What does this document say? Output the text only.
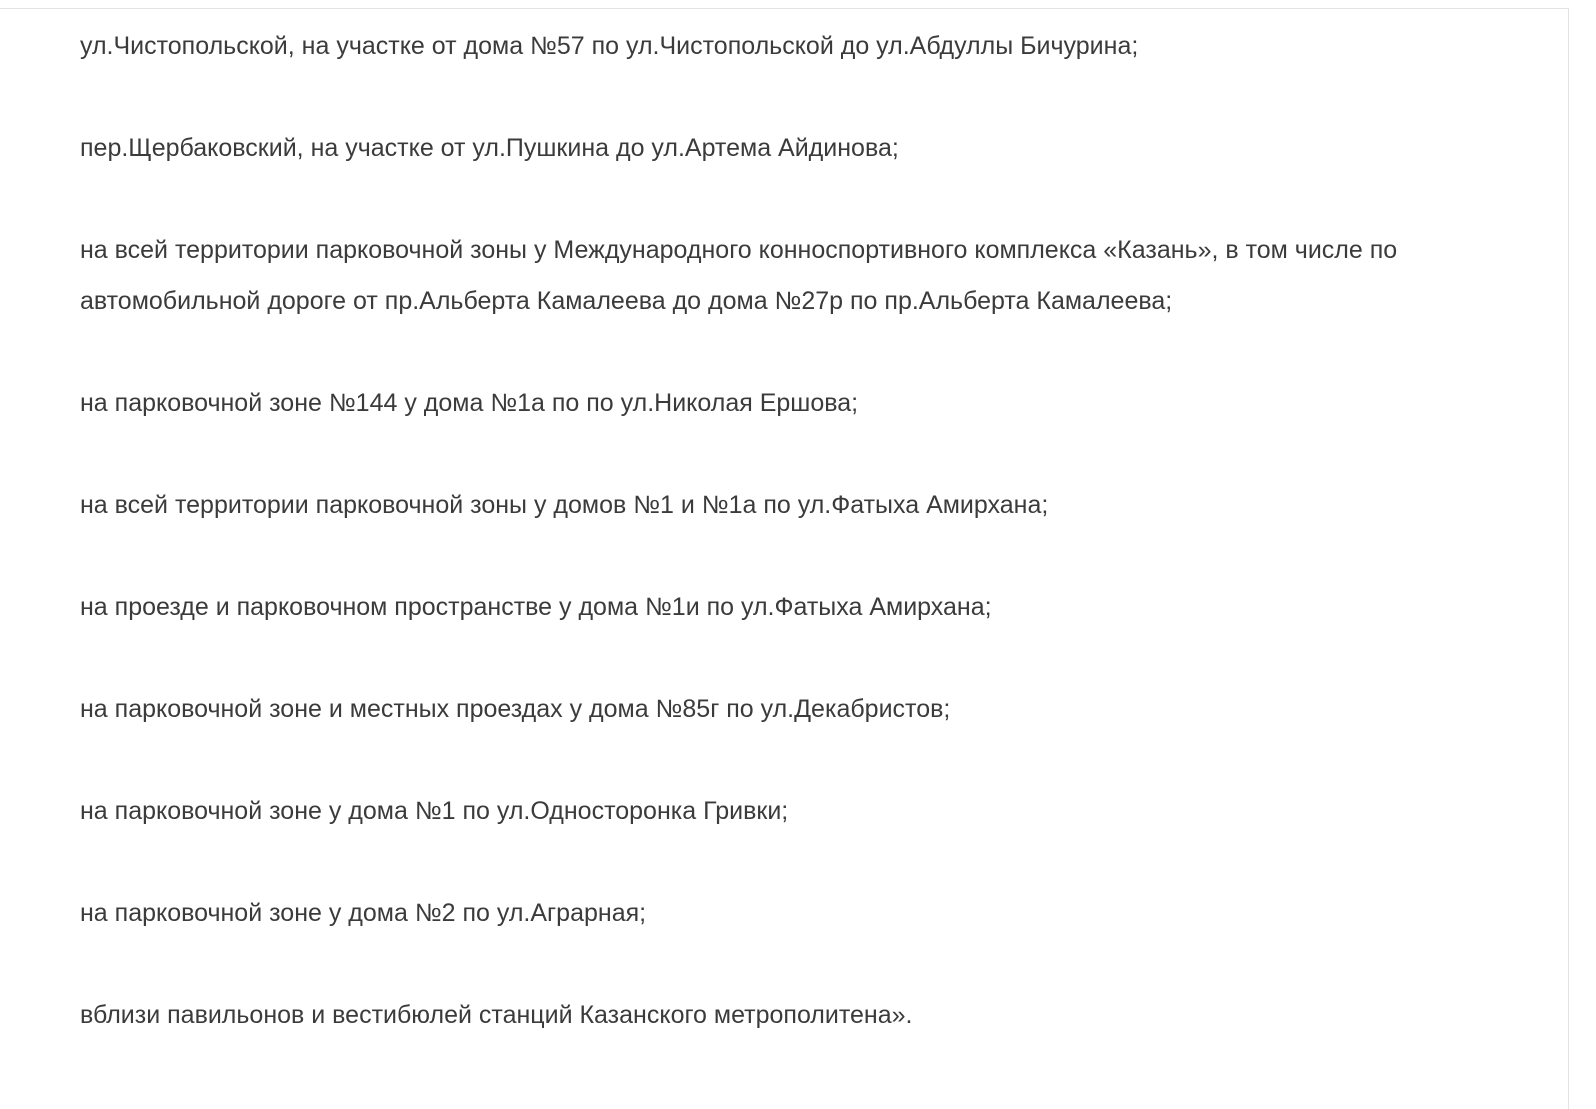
ул.Чистопольской, на участке от дома №57 по ул.Чистопольской до ул.Абдуллы Бичурина;

пер.Щербаковский, на участке от ул.Пушкина до ул.Артема Айдинова;

на всей территории парковочной зоны у Международного конноспортивного комплекса «Казань», в том числе по автомобильной дороге от пр.Альберта Камалеева до дома №27р по пр.Альберта Камалеева;

на парковочной зоне №144 у дома №1а по по ул.Николая Ершова;

на всей территории парковочной зоны у домов №1 и №1а по ул.Фатыха Амирхана;

на проезде и парковочном пространстве у дома №1и по ул.Фатыха Амирхана;

на парковочной зоне и местных проездах у дома №85г по ул.Декабристов;

на парковочной зоне у дома №1 по ул.Односторонка Гривки;

на парковочной зоне у дома №2 по ул.Аграрная;

вблизи павильонов и вестибюлей станций Казанского метрополитена».
